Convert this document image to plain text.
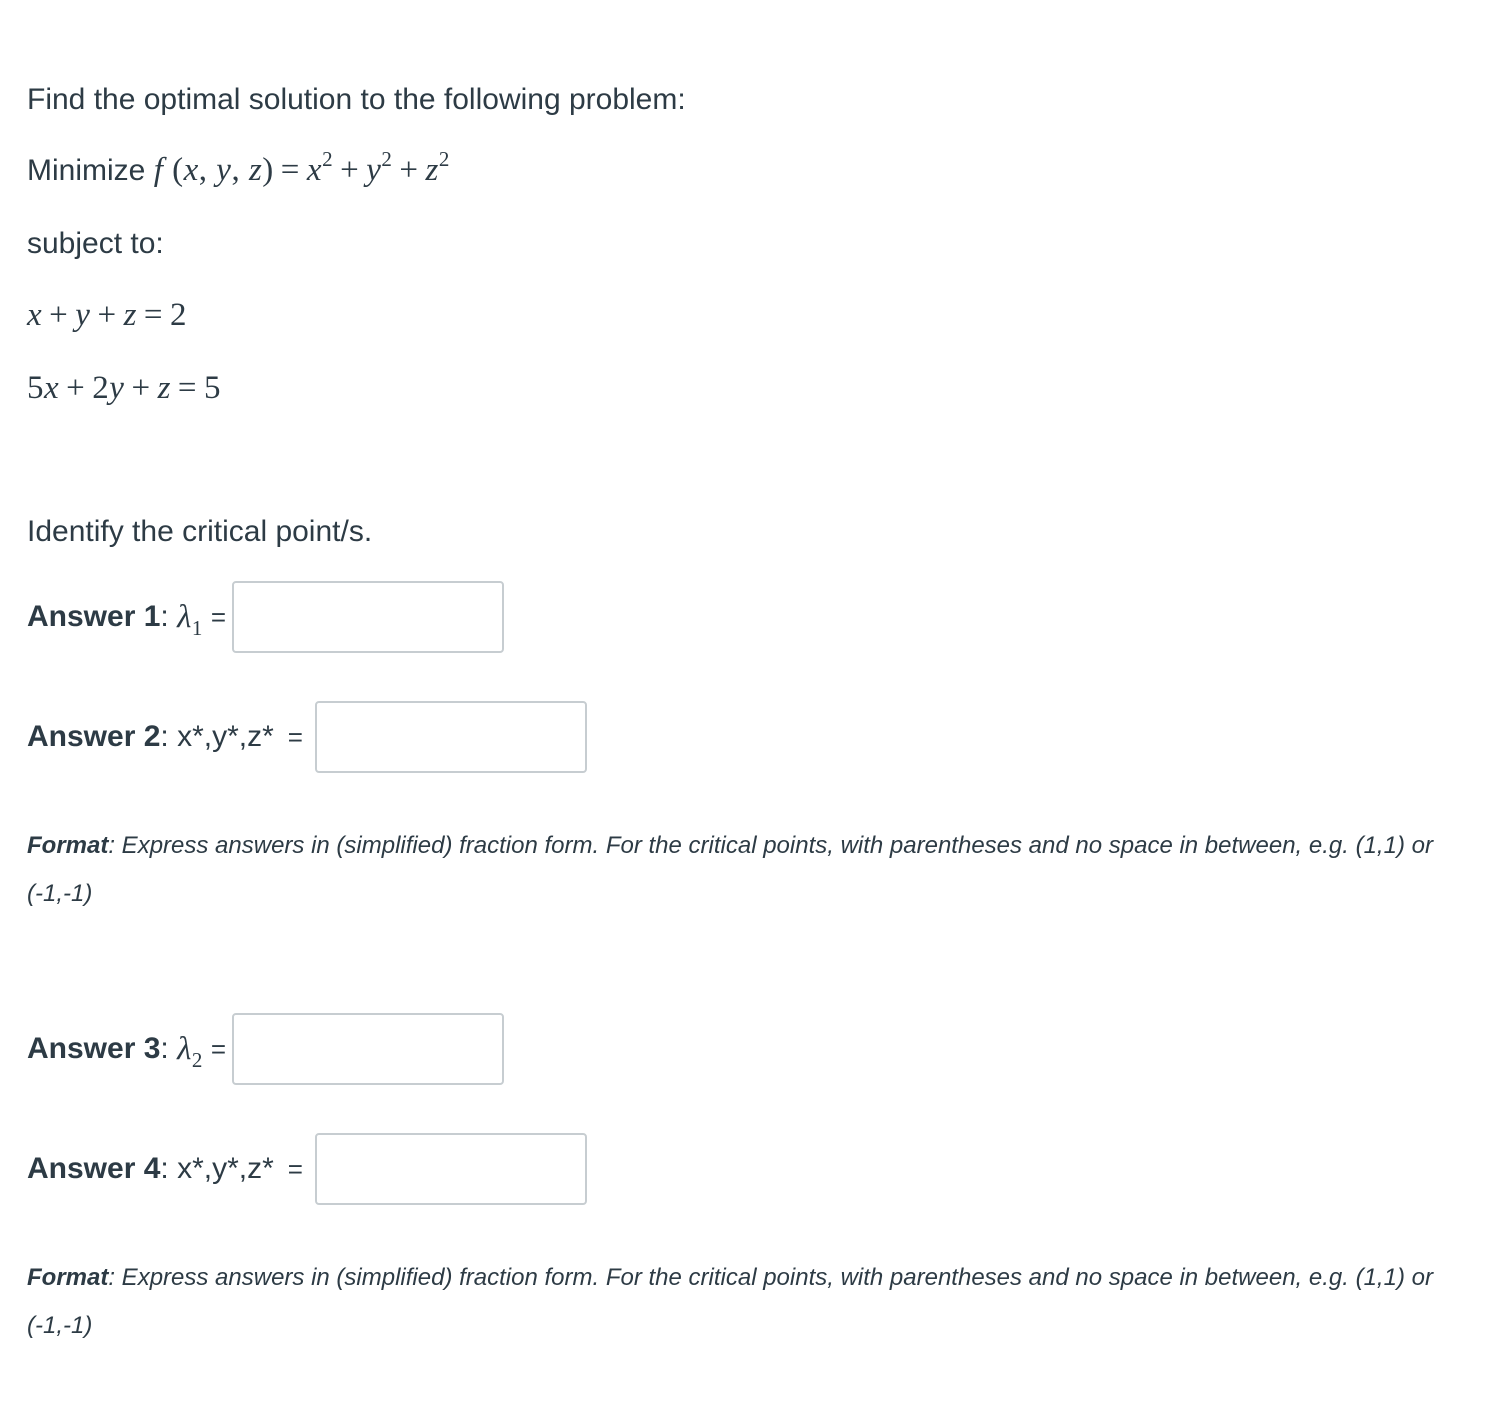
Find the optimal solution to the following problem:
Minimize f (x, y, $z) = x^2 + y^2 + z^2$
subject to:
x + y + z = 2
5x + 2y + z = 5
Identify the critical point/s.
Answer 1 : $\lambda_1$ =
Answer 2 : x*,y*,z* =
Format: Express answers in (simplified) fraction form. For the critical points, with parentheses and no space in between, e.g. (1,1) or (-1,-1)
Answer 3 : $\lambda_2$ =
Answer 4 : x*,y*,z* =
Format: Express answers in (simplified) fraction form. For the critical points, with parentheses and no space in between, e.g. (1,1) or (-1,-1)
